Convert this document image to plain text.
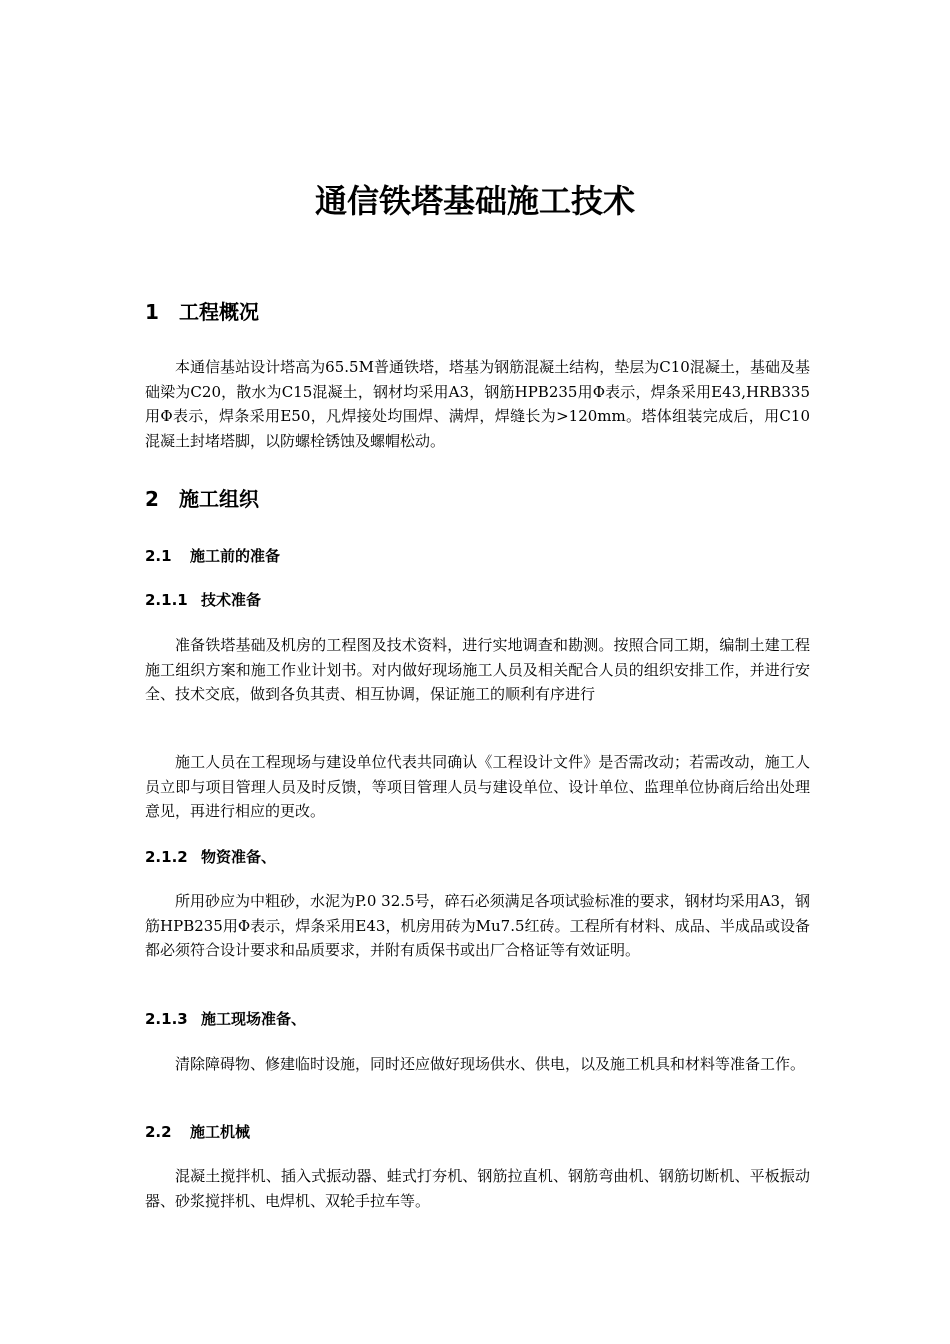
通信铁塔基础施工技术
1 工程概况

本通信基站设计塔高为65.5M普通铁塔，塔基为钢筋混凝土结构，垫层为C10混凝土，基础及基础梁为C20，散水为C15混凝土，钢材均采用A3，钢筋HPB235用Φ表示，焊条采用E43,HRB335用Φ表示，焊条采用E50，凡焊接处均围焊、满焊，焊缝长为>120mm。塔体组装完成后，用C10混凝土封堵塔脚，以防螺栓锈蚀及螺帽松动。

2 施工组织
2.1 施工前的准备
2.1.1 技术准备

准备铁塔基础及机房的工程图及技术资料，进行实地调查和勘测。按照合同工期，编制土建工程施工组织方案和施工作业计划书。对内做好现场施工人员及相关配合人员的组织安排工作，并进行安全、技术交底，做到各负其责、相互协调，保证施工的顺利有序进行

施工人员在工程现场与建设单位代表共同确认《工程设计文件》是否需改动；若需改动，施工人员立即与项目管理人员及时反馈，等项目管理人员与建设单位、设计单位、监理单位协商后给出处理意见，再进行相应的更改。

2.1.2 物资准备、

所用砂应为中粗砂，水泥为P.0 32.5号，碎石必须满足各项试验标准的要求，钢材均采用A3，钢筋HPB235用Φ表示，焊条采用E43，机房用砖为Mu7.5红砖。工程所有材料、成品、半成品或设备都必须符合设计要求和品质要求，并附有质保书或出厂合格证等有效证明。

2.1.3 施工现场准备、

清除障碍物、修建临时设施，同时还应做好现场供水、供电，以及施工机具和材料等准备工作。

2.2 施工机械

混凝土搅拌机、插入式振动器、蛙式打夯机、钢筋拉直机、钢筋弯曲机、钢筋切断机、平板振动器、砂浆搅拌机、电焊机、双轮手拉车等。
